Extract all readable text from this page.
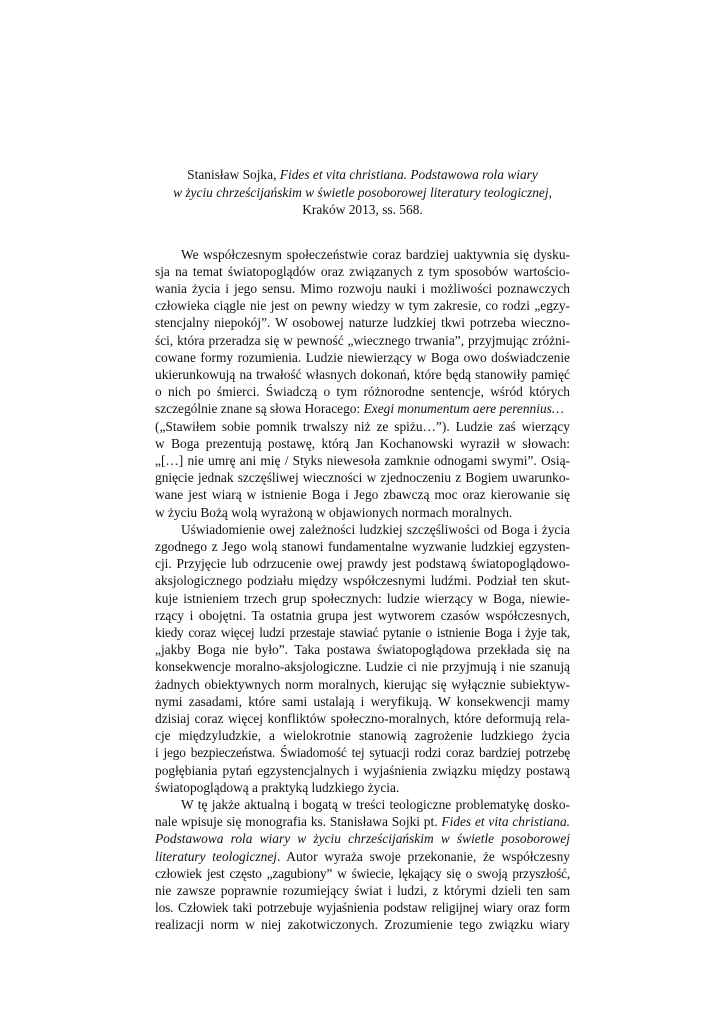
Stanisław Sojka, Fides et vita christiana. Podstawowa rola wiary
w życiu chrześcijańskim w świetle posoborowej literatury teologicznej,
Kraków 2013, ss. 568.
We współczesnym społeczeństwie coraz bardziej uaktywnia się dysku-
sja na temat światopoglądów oraz związanych z tym sposobów wartościo-
wania życia i jego sensu. Mimo rozwoju nauki i możliwości poznawczych
człowieka ciągle nie jest on pewny wiedzy w tym zakresie, co rodzi „egzy-
stencjalny niepokój”. W osobowej naturze ludzkiej tkwi potrzeba wieczno-
ści, która przeradza się w pewność „wiecznego trwania”, przyjmując zróżni-
cowane formy rozumienia. Ludzie niewierzący w Boga owo doświadczenie
ukierunkowują na trwałość własnych dokonań, które będą stanowiły pamięć
o nich po śmierci. Świadczą o tym różnorodne sentencje, wśród których
szczególnie znane są słowa Horacego: Exegi monumentum aere perennius…
(„Stawiłem sobie pomnik trwalszy niż ze spiżu…”). Ludzie zaś wierzący
w Boga prezentują postawę, którą Jan Kochanowski wyraził w słowach:
„[…] nie umrę ani mię / Styks niewesoła zamknie odnogami swymi”. Osią-
gnięcie jednak szczęśliwej wieczności w zjednoczeniu z Bogiem uwarunko-
wane jest wiarą w istnienie Boga i Jego zbawczą moc oraz kierowanie się
w życiu Bożą wolą wyrażoną w objawionych normach moralnych.
Uświadomienie owej zależności ludzkiej szczęśliwości od Boga i życia
zgodnego z Jego wolą stanowi fundamentalne wyzwanie ludzkiej egzysten-
cji. Przyjęcie lub odrzucenie owej prawdy jest podstawą światopoglądowo-
aksjologicznego podziału między współczesnymi ludźmi. Podział ten skut-
kuje istnieniem trzech grup społecznych: ludzie wierzący w Boga, niewie-
rzący i obojętni. Ta ostatnia grupa jest wytworem czasów współczesnych,
kiedy coraz więcej ludzi przestaje stawiać pytanie o istnienie Boga i żyje tak,
„jakby Boga nie było”. Taka postawa światopoglądowa przekłada się na
konsekwencje moralno-aksjologiczne. Ludzie ci nie przyjmują i nie szanują
żadnych obiektywnych norm moralnych, kierując się wyłącznie subiektyw-
nymi zasadami, które sami ustalają i weryfikują. W konsekwencji mamy
dzisiaj coraz więcej konfliktów społeczno-moralnych, które deformują rela-
cje międzyludzkie, a wielokrotnie stanowią zagrożenie ludzkiego życia
i jego bezpieczeństwa. Świadomość tej sytuacji rodzi coraz bardziej potrzebę
pogłębiania pytań egzystencjalnych i wyjaśnienia związku między postawą
światopoglądową a praktyką ludzkiego życia.
W tę jakże aktualną i bogatą w treści teologiczne problematykę dosko-
nale wpisuje się monografia ks. Stanisława Sojki pt. Fides et vita christiana.
Podstawowa rola wiary w życiu chrześcijańskim w świetle posoborowej
literatury teologicznej. Autor wyraża swoje przekonanie, że współczesny
człowiek jest często „zagubiony” w świecie, lękający się o swoją przyszłość,
nie zawsze poprawnie rozumiejący świat i ludzi, z którymi dzieli ten sam
los. Człowiek taki potrzebuje wyjaśnienia podstaw religijnej wiary oraz form
realizacji norm w niej zakotwiczonych. Zrozumienie tego związku wiary
